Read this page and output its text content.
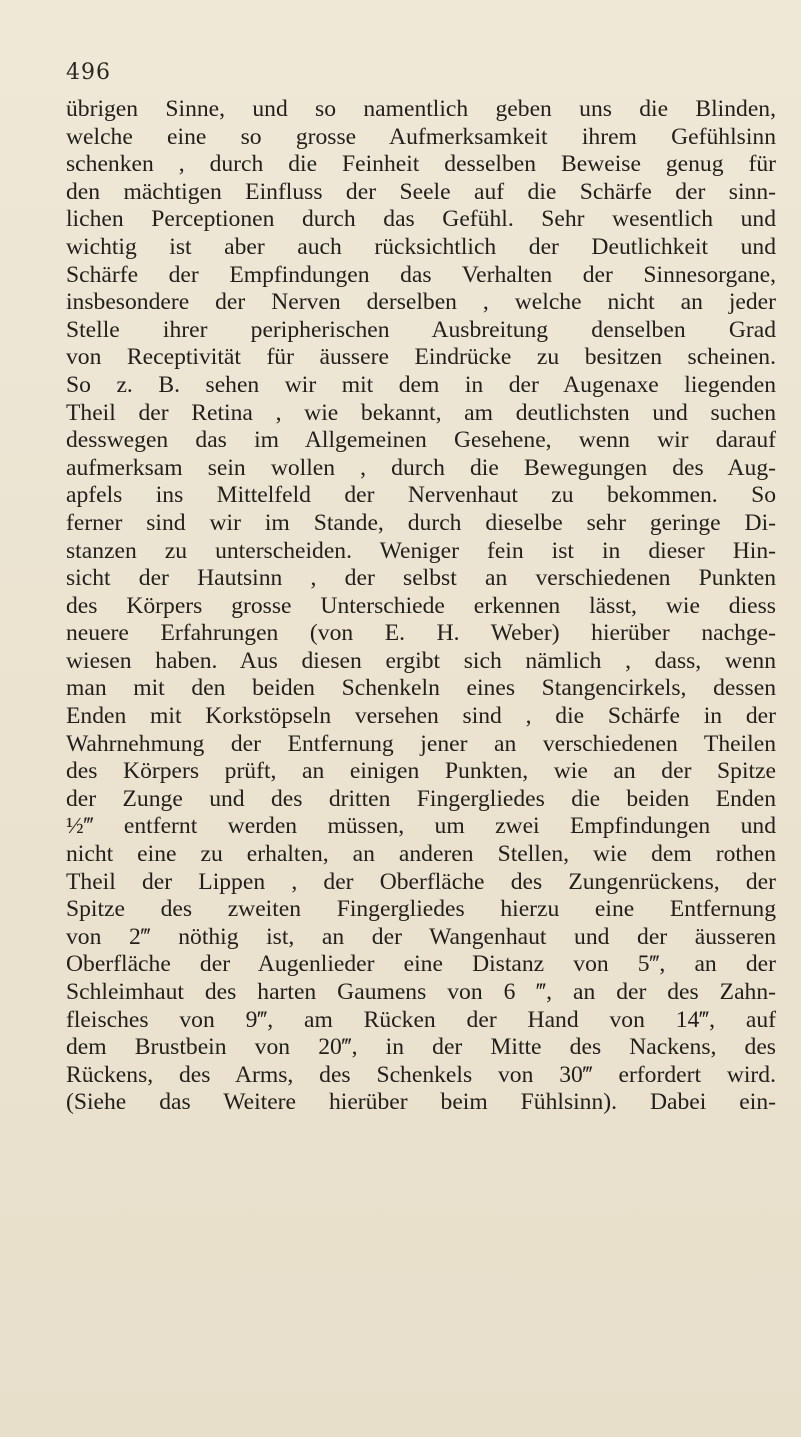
496
übrigen Sinne, und so namentlich geben uns die Blinden,
welche eine so grosse Aufmerksamkeit ihrem Gefühlsinn
schenken , durch die Feinheit desselben Beweise genug für
den mächtigen Einfluss der Seele auf die Schärfe der sinn-
lichen Perceptionen durch das Gefühl. Sehr wesentlich und
wichtig ist aber auch rücksichtlich der Deutlichkeit und
Schärfe der Empfindungen das Verhalten der Sinnesorgane,
insbesondere der Nerven derselben , welche nicht an jeder
Stelle ihrer peripherischen Ausbreitung denselben Grad
von Receptivität für äussere Eindrücke zu besitzen scheinen.
So z. B. sehen wir mit dem in der Augenaxe liegenden
Theil der Retina , wie bekannt, am deutlichsten und suchen
desswegen das im Allgemeinen Gesehene, wenn wir darauf
aufmerksam sein wollen , durch die Bewegungen des Aug-
apfels ins Mittelfeld der Nervenhaut zu bekommen. So
ferner sind wir im Stande, durch dieselbe sehr geringe Di-
stanzen zu unterscheiden. Weniger fein ist in dieser Hin-
sicht der Hautsinn , der selbst an verschiedenen Punkten
des Körpers grosse Unterschiede erkennen lässt, wie diess
neuere Erfahrungen (von E. H. Weber) hierüber nachge-
wiesen haben. Aus diesen ergibt sich nämlich , dass, wenn
man mit den beiden Schenkeln eines Stangencirkels, dessen
Enden mit Korkstöpseln versehen sind , die Schärfe in der
Wahrnehmung der Entfernung jener an verschiedenen Theilen
des Körpers prüft, an einigen Punkten, wie an der Spitze
der Zunge und des dritten Fingergliedes die beiden Enden
½‴ entfernt werden müssen, um zwei Empfindungen und
nicht eine zu erhalten, an anderen Stellen, wie dem rothen
Theil der Lippen , der Oberfläche des Zungenrückens, der
Spitze des zweiten Fingergliedes hierzu eine Entfernung
von 2‴ nöthig ist, an der Wangenhaut und der äusseren
Oberfläche der Augenlieder eine Distanz von 5‴, an der
Schleimhaut des harten Gaumens von 6 ‴, an der des Zahn-
fleisches von 9‴, am Rücken der Hand von 14‴, auf
dem Brustbein von 20‴, in der Mitte des Nackens, des
Rückens, des Arms, des Schenkels von 30‴ erfordert wird.
(Siehe das Weitere hierüber beim Fühlsinn). Dabei ein-
